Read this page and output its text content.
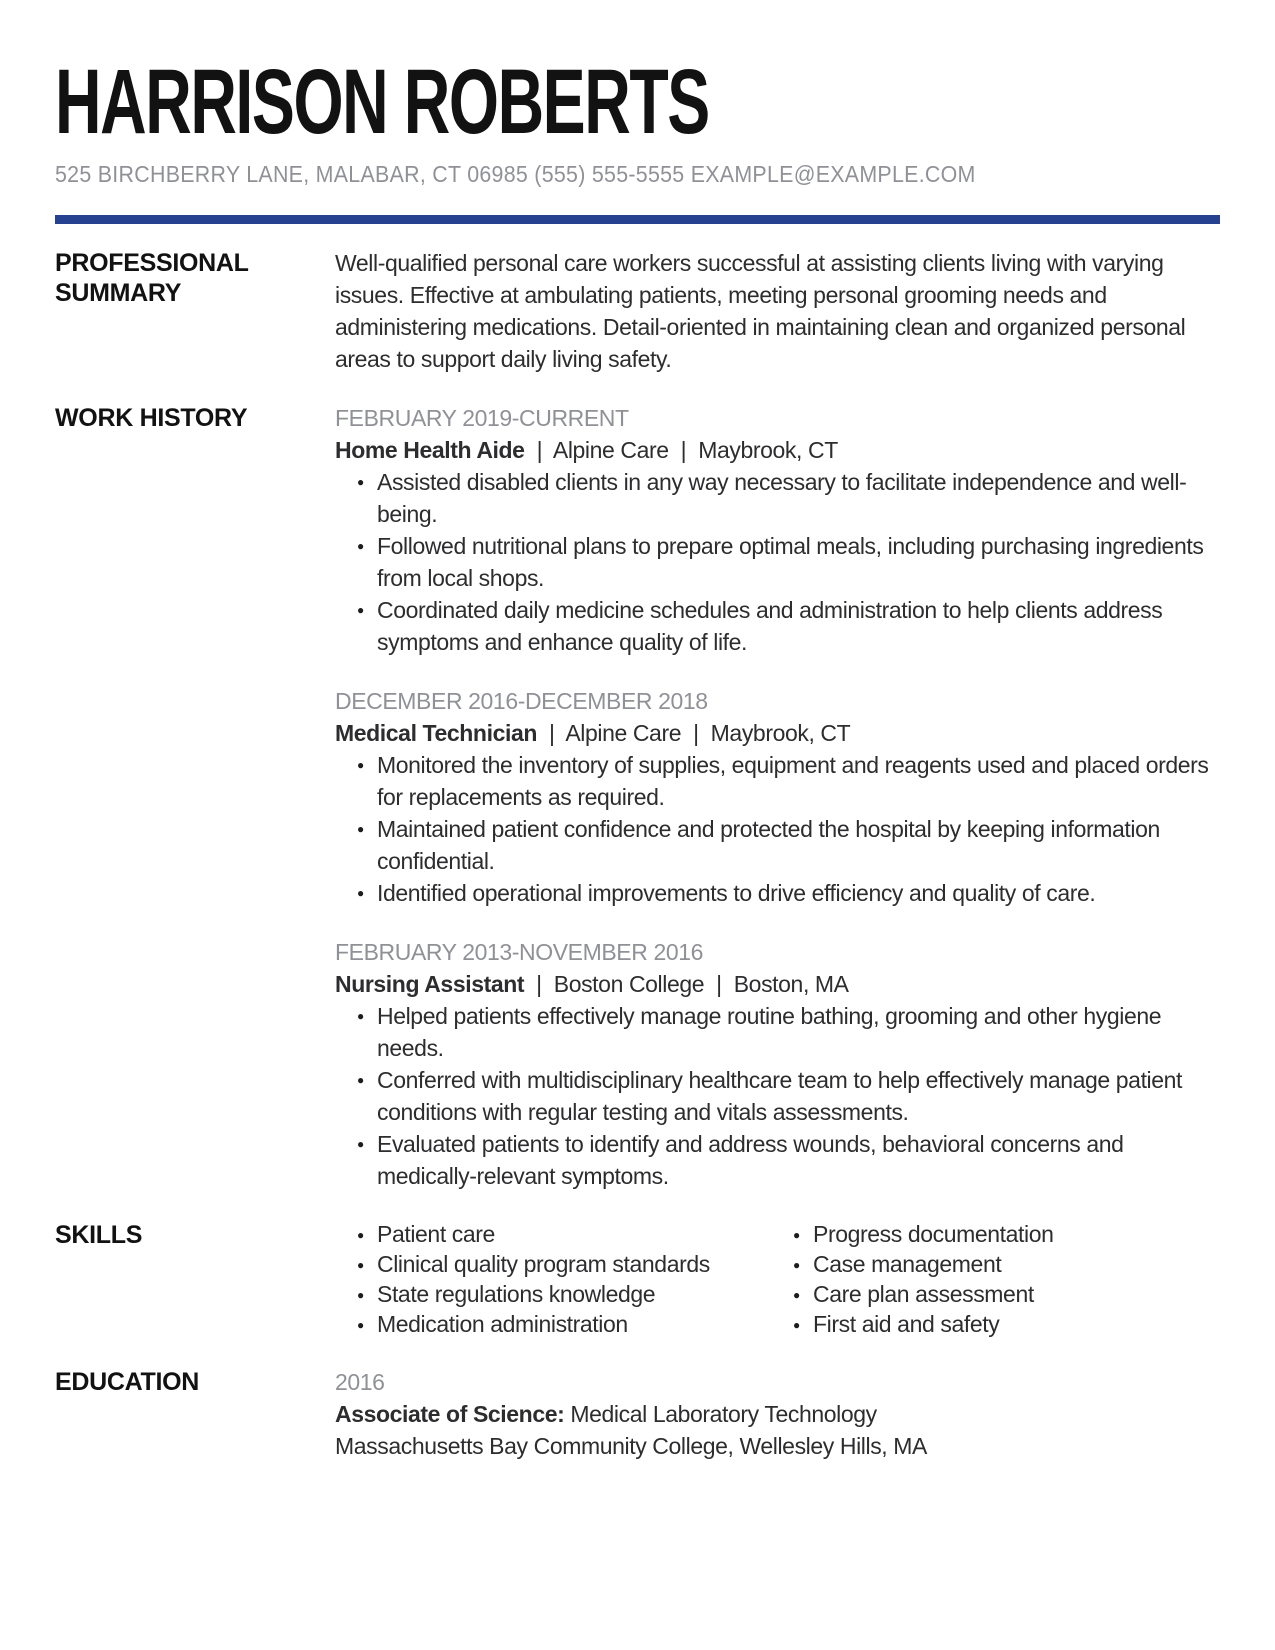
HARRISON ROBERTS
525 BIRCHBERRY LANE, MALABAR, CT 06985 (555) 555-5555 EXAMPLE@EXAMPLE.COM
PROFESSIONAL SUMMARY

Well-qualified personal care workers successful at assisting clients living with varying issues. Effective at ambulating patients, meeting personal grooming needs and administering medications. Detail-oriented in maintaining clean and organized personal areas to support daily living safety.

WORK HISTORY	FEBRUARY 2019-CURRENT
Home Health Aide | Alpine Care | Maybrook, CT
● Assisted disabled clients in any way necessary to facilitate independence and well-being.
● Followed nutritional plans to prepare optimal meals, including purchasing ingredients from local shops.
● Coordinated daily medicine schedules and administration to help clients address symptoms and enhance quality of life.
DECEMBER 2016-DECEMBER 2018
Medical Technician | Alpine Care | Maybrook, CT
● Monitored the inventory of supplies, equipment and reagents used and placed orders for replacements as required.
● Maintained patient confidence and protected the hospital by keeping information confidential.
● Identified operational improvements to drive efficiency and quality of care.
FEBRUARY 2013-NOVEMBER 2016
Nursing Assistant | Boston College | Boston, MA
● Helped patients effectively manage routine bathing, grooming and other hygiene needs.
● Conferred with multidisciplinary healthcare team to help effectively manage patient conditions with regular testing and vitals assessments.
● Evaluated patients to identify and address wounds, behavioral concerns and medically-relevant symptoms.
SKILLS	● Patient care
● Clinical quality program standards
● State regulations knowledge
● Medication administration
● Progress documentation
● Case management
● Care plan assessment
● First aid and safety
EDUCATION	2016

Associate of Science: Medical Laboratory Technology

Massachusetts Bay Community College, Wellesley Hills, MA
